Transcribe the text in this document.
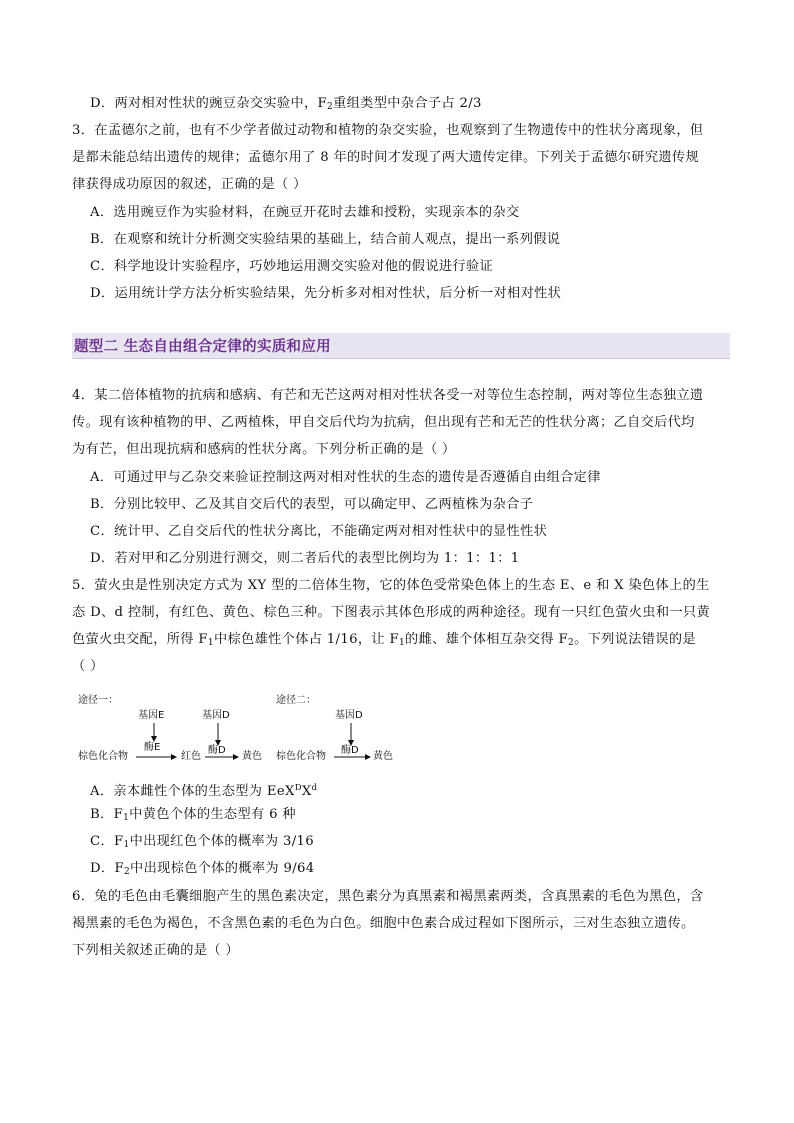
D．两对相对性状的豌豆杂交实验中，$F_2$重组类型中杂合子占 2/3
3．在孟德尔之前，也有不少学者做过动物和植物的杂交实验，也观察到了生物遗传中的性状分离现象，但
是都未能总结出遗传的规律；孟德尔用了 8 年的时间才发现了两大遗传定律。下列关于孟德尔研究遗传规
律获得成功原因的叙述，正确的是（ ）
A．选用豌豆作为实验材料，在豌豆开花时去雄和授粉，实现亲本的杂交
B．在观察和统计分析测交实验结果的基础上，结合前人观点，提出一系列假说
C．科学地设计实验程序，巧妙地运用测交实验对他的假说进行验证
D．运用统计学方法分析实验结果，先分析多对相对性状，后分析一对相对性状
题型二 生态自由组合定律的实质和应用
4．某二倍体植物的抗病和感病、有芒和无芒这两对相对性状各受一对等位生态控制，两对等位生态独立遗
传。现有该种植物的甲、乙两植株，甲自交后代均为抗病，但出现有芒和无芒的性状分离；乙自交后代均
为有芒，但出现抗病和感病的性状分离。下列分析正确的是（ ）
A．可通过甲与乙杂交来验证控制这两对相对性状的生态的遗传是否遵循自由组合定律
B．分别比较甲、乙及其自交后代的表型，可以确定甲、乙两植株为杂合子
C．统计甲、乙自交后代的性状分离比，不能确定两对相对性状中的显性性状
D．若对甲和乙分别进行测交，则二者后代的表型比例均为 1：1：1：1
5．萤火虫是性别决定方式为 XY 型的二倍体生物，它的体色受常染色体上的生态 E、e 和 X 染色体上的生
态 D、d 控制，有红色、黄色、棕色三种。下图表示其体色形成的两种途径。现有一只红色萤火虫和一只黄
色萤火虫交配，所得 $F_1$中棕色雄性个体占 1/16，让 $F_1$的雌、雄个体相互杂交得 $F_2$。下列说法错误的是
（ ）
途径一：
基因E	基因D
棕色化合物
酶E
红色
酶D
黄色
途径二：
基因D
棕色化合物
酶D
黄色
A．亲本雌性个体的生态型为 $EeX^DX^d$
B．$F_1$中黄色个体的生态型有 6 种
C．$F_1$中出现红色个体的概率为 3/16
D．$F_2$中出现棕色个体的概率为 9/64
6．兔的毛色由毛囊细胞产生的黑色素决定，黑色素分为真黑素和褐黑素两类，含真黑素的毛色为黑色，含
褐黑素的毛色为褐色，不含黑色素的毛色为白色。细胞中色素合成过程如下图所示，三对生态独立遗传。
下列相关叙述正确的是（ ）
